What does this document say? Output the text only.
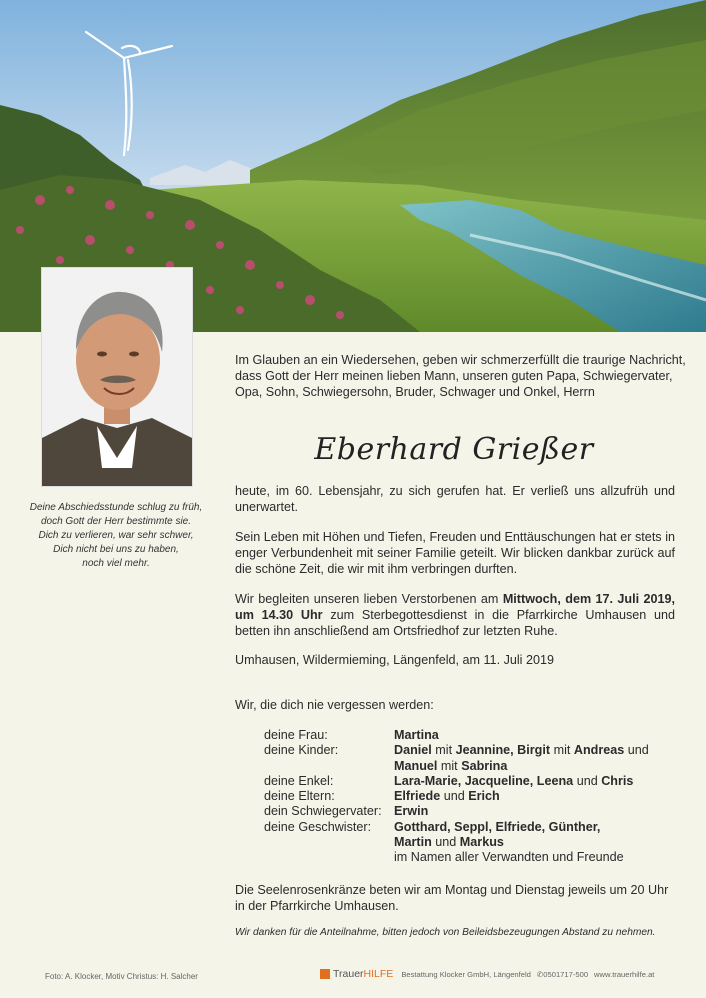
Deine Abschiedsstunde schlug zu früh,
doch Gott der Herr bestimmte sie.
Dich zu verlieren, war sehr schwer,
Dich nicht bei uns zu haben,
noch viel mehr.
Im Glauben an ein Wiedersehen, geben wir schmerzerfüllt die traurige Nachricht,
dass Gott der Herr meinen lieben Mann, unseren guten Papa, Schwiegervater,
Opa, Sohn, Schwiegersohn, Bruder, Schwager und Onkel, Herrn
Eberhard Grießer
heute, im 60. Lebensjahr, zu sich gerufen hat. Er verließ uns allzufrüh und unerwartet.
Sein Leben mit Höhen und Tiefen, Freuden und Enttäuschungen hat er stets in enger Verbundenheit mit seiner Familie geteilt. Wir blicken dankbar zurück auf die schöne Zeit, die wir mit ihm verbringen durften.
Wir begleiten unseren lieben Verstorbenen am Mittwoch, dem 17. Juli 2019, um 14.30 Uhr zum Sterbegottesdienst in die Pfarrkirche Umhausen und betten ihn anschließend am Ortsfriedhof zur letzten Ruhe.
Umhausen, Wildermieming, Längenfeld, am 11. Juli 2019
Wir, die dich nie vergessen werden:
deine Frau:	Martina
deine Kinder:	Daniel mit Jeannine, Birgit mit Andreas und
Manuel mit Sabrina
deine Enkel:	Lara-Marie, Jacqueline, Leena und Chris
deine Eltern:	Elfriede und Erich
dein Schwiegervater: Erwin
deine Geschwister:	Gotthard, Seppl, Elfriede, Günther,
Martin und Markus
im Namen aller Verwandten und Freunde
Die Seelenrosenkränze beten wir am Montag und Dienstag jeweils um 20 Uhr
in der Pfarrkirche Umhausen.
Wir danken für die Anteilnahme, bitten jedoch von Beileidsbezeugungen Abstand zu nehmen.
Foto: A. Klocker, Motiv Christus: H. Salcher	Trauer HILFE Bestattung Klocker GmbH, Längenfeld ✆ 0501717-500 www.trauerhilfe.at
